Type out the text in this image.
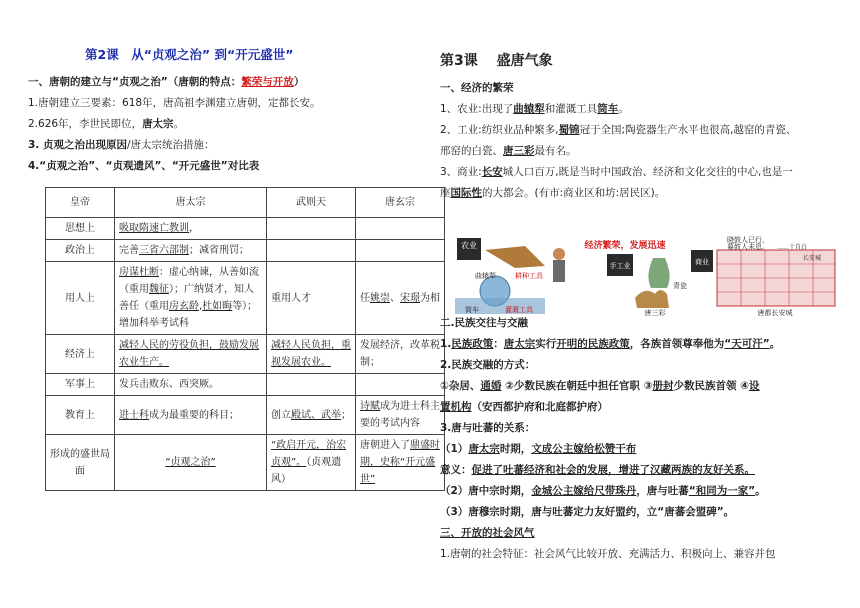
第2课　从“贞观之治” 到“开元盛世”
一、唐朝的建立与“贞观之治”（唐朝的特点：繁荣与开放）
1.唐朝建立三要素：618年，唐高祖李渊建立唐朝，定都长安。
2.626年，李世民即位，唐太宗。
3. 贞观之治出现原因/唐太宗统治措施：
4.“贞观之治”、“贞观遗风”、“开元盛世”对比表
皇帝	唐太宗	武则天	唐玄宗
思想上	吸取隋速亡教训，		
政治上	完善三省六部制；减省刑罚；		
用人上	房谋杜断：虚心纳谏，从善如流（重用魏征）；广纳贤才，知人善任（重用房玄龄,杜如晦等）；增加科举考试科	重用人才	任姚崇、宋璟为相
经济上	减轻人民的劳役负担，鼓励发展农业生产。	减轻人民负担，重视发展农业。	发展经济，改革税制；
军事上	发兵击败东、西突厥。		
教育上	进士科成为最重要的科目；	创立殿试、武举；	诗赋成为进士科主要的考试内容
形成的盛世局面	“贞观之治”	“政启开元，治宏贞观”。（贞观遗风）	唐朝进入了鼎盛时期，史称“开元盛世”
第3课　 盛唐气象
一、经济的繁荣
1、农业:出现了曲辕犁和灌溉工具筒车。
2、工业:纺织业品种繁多,蜀锦冠于全国;陶瓷器生产水平也很高,越窑的青瓷、
邢窑的白瓷、唐三彩最有名。
3、商业:长安城人口百万,既是当时中国政治、经济和文化交往的中心,也是一
座国际性的大都会。(有市:商业区和坊:居民区)。
农业
曲辕犁	耕种工具
筒车	灌溉工具
经济繁荣，发展迅速
手工业
青瓷
唐三彩
商业
晓鼓人已行，
暮鼓人未息。 ……十自白
长安城
唐都长安城
二.民族交往与交融
1.民族政策：唐太宗实行开明的民族政策，各族首领尊奉他为“天可汗”。
2.民族交融的方式：
①杂居、通婚 ②少数民族在朝廷中担任官职 ③册封少数民族首领 ④设
置机构（安西都护府和北庭都护府）
3.唐与吐蕃的关系：
（1）唐太宗时期，文成公主嫁给松赞干布
意义：促进了吐蕃经济和社会的发展，增进了汉藏两族的友好关系。
（2）唐中宗时期，金城公主嫁给尺带珠丹，唐与吐蕃“和同为一家”。
（3）唐穆宗时期，唐与吐蕃定力友好盟约，立“唐蕃会盟碑”。
三、开放的社会风气
1.唐朝的社会特征：社会风气比较开放、充满活力、积极向上、兼容并包
